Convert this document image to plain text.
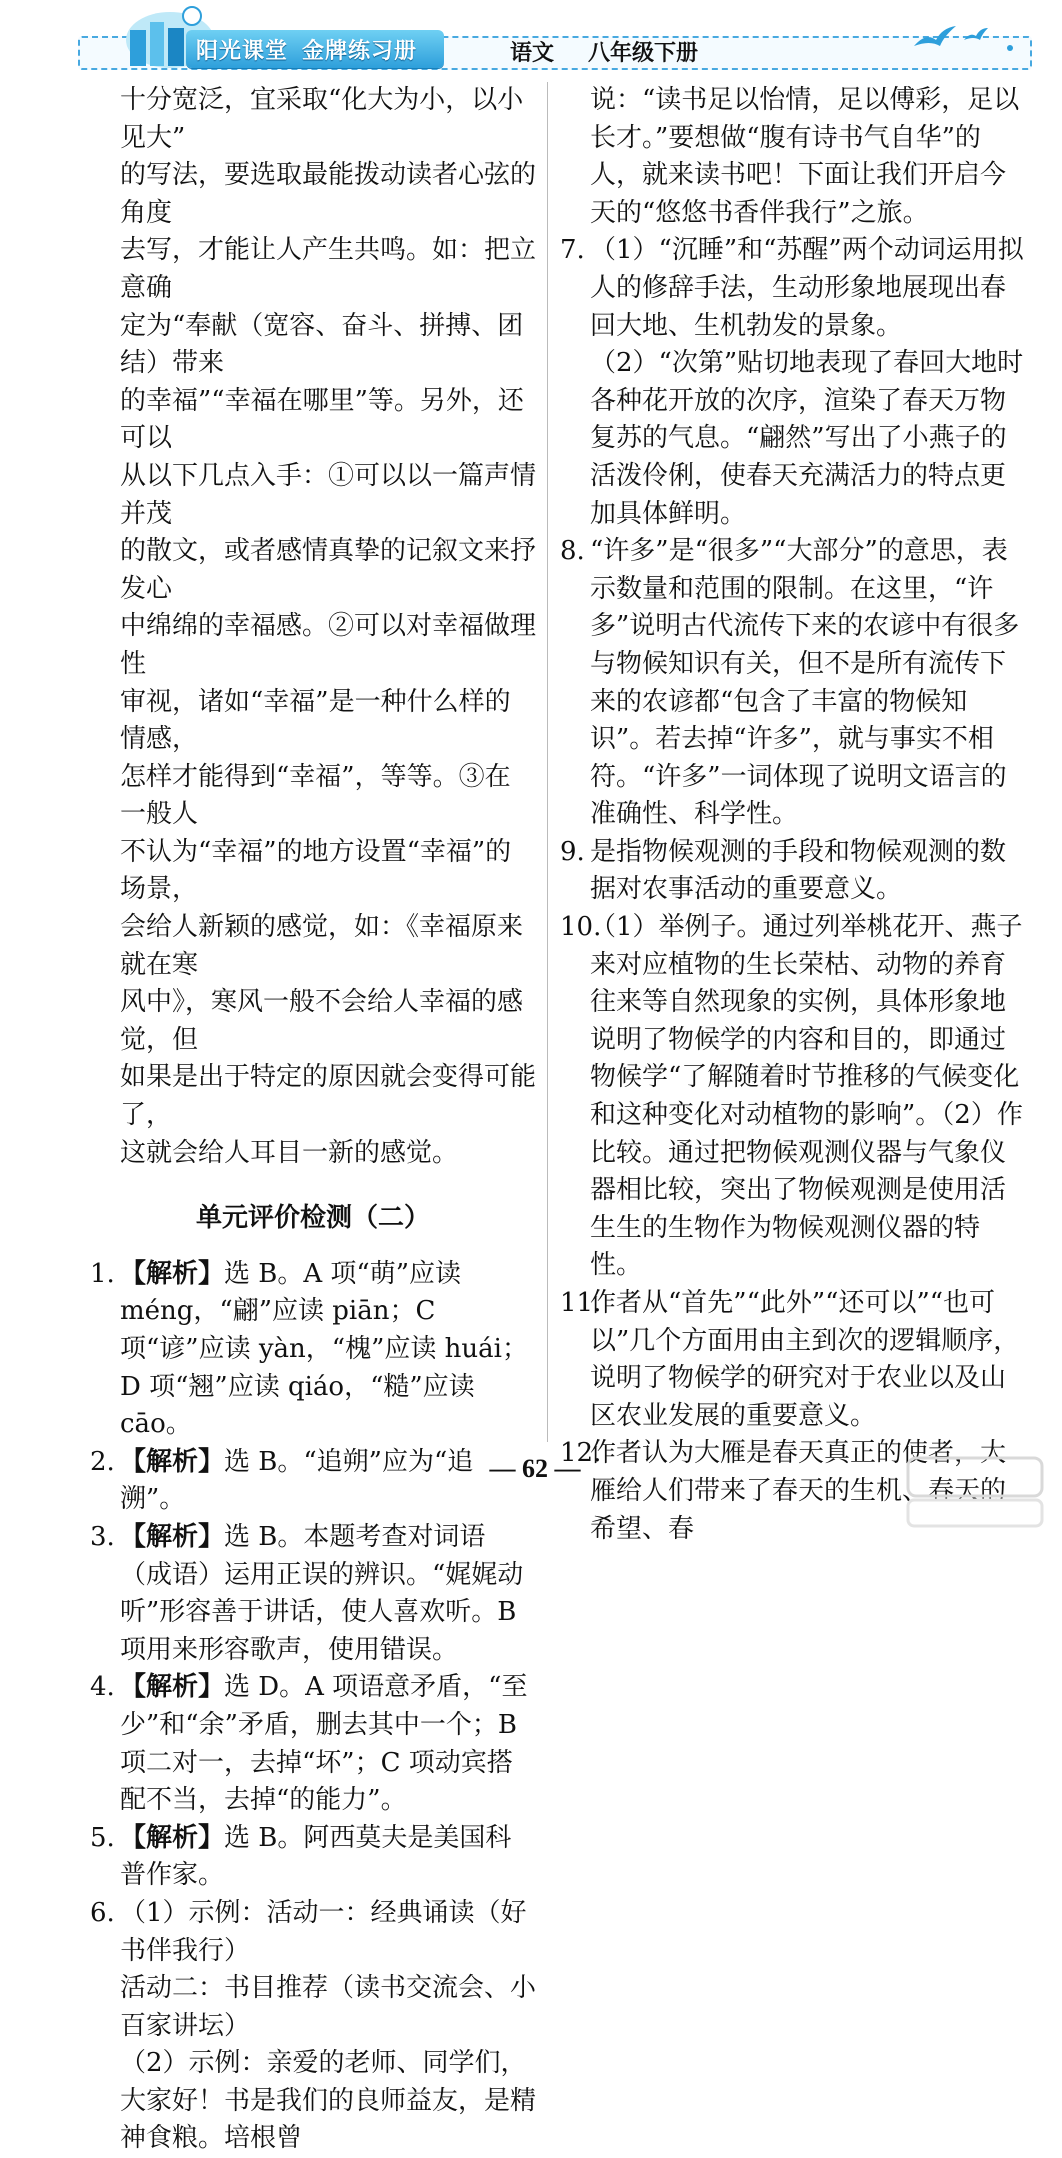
阳光课堂 金牌练习册	语文 八年级下册

十分宽泛，宜采取“化大为小，以小见大”

的写法，要选取最能拨动读者心弦的角度

去写，才能让人产生共鸣。如：把立意确

定为“奉献（宽容、奋斗、拼搏、团结）带来

的幸福”“幸福在哪里”等。另外，还可以

从以下几点入手：①可以以一篇声情并茂

的散文，或者感情真挚的记叙文来抒发心

中绵绵的幸福感。②可以对幸福做理性

审视，诸如“幸福”是一种什么样的情感，

怎样才能得到“幸福”，等等。③在一般人

不认为“幸福”的地方设置“幸福”的场景，

会给人新颖的感觉，如：《幸福原来就在寒

风中》，寒风一般不会给人幸福的感觉，但

如果是出于特定的原因就会变得可能了，

这就会给人耳目一新的感觉。

单元评价检测（二）

1. 【解析】选 B。A 项“萌”应读 méng，“翩”应读 piān；C 项“谚”应读 yàn，“槐”应读 huái；D 项“翘”应读 qiáo，“糙”应读 cāo。

2. 【解析】选 B。“追朔”应为“追溯”。

3. 【解析】选 B。本题考查对词语（成语）运用正误的辨识。“娓娓动听”形容善于讲话，使人喜欢听。B 项用来形容歌声，使用错误。

4. 【解析】选 D。A 项语意矛盾，“至少”和“余”矛盾，删去其中一个；B 项二对一，去掉“坏”；C 项动宾搭配不当，去掉“的能力”。

5. 【解析】选 B。阿西莫夫是美国科普作家。

6. （1）示例：活动一：经典诵读（好书伴我行）

活动二：书目推荐（读书交流会、小百家讲坛）

（2）示例：亲爱的老师、同学们，大家好！书是我们的良师益友，是精神食粮。培根曾

说：“读书足以怡情，足以傅彩，足以长才。”要想做“腹有诗书气自华”的人，就来读书吧！下面让我们开启今天的“悠悠书香伴我行”之旅。

7. （1）“沉睡”和“苏醒”两个动词运用拟人的修辞手法，生动形象地展现出春回大地、生机勃发的景象。

（2）“次第”贴切地表现了春回大地时各种花开放的次序，渲染了春天万物复苏的气息。“翩然”写出了小燕子的活泼伶俐，使春天充满活力的特点更加具体鲜明。

8. “许多”是“很多”“大部分”的意思，表示数量和范围的限制。在这里，“许多”说明古代流传下来的农谚中有很多与物候知识有关，但不是所有流传下来的农谚都“包含了丰富的物候知识”。若去掉“许多”，就与事实不相符。“许多”一词体现了说明文语言的准确性、科学性。

9. 是指物候观测的手段和物候观测的数据对农事活动的重要意义。

10.（1）举例子。通过列举桃花开、燕子来对应植物的生长荣枯、动物的养育往来等自然现象的实例，具体形象地说明了物候学的内容和目的，即通过物候学“了解随着时节推移的气候变化和这种变化对动植物的影响”。（2）作比较。通过把物候观测仪器与气象仪器相比较，突出了物候观测是使用活生生的生物作为物候观测仪器的特性。

11.作者从“首先”“此外”“还可以”“也可以”几个方面用由主到次的逻辑顺序，说明了物候学的研究对于农业以及山区农业发展的重要意义。

12.作者认为大雁是春天真正的使者，大雁给人们带来了春天的生机、春天的希望、春

— 62 —
